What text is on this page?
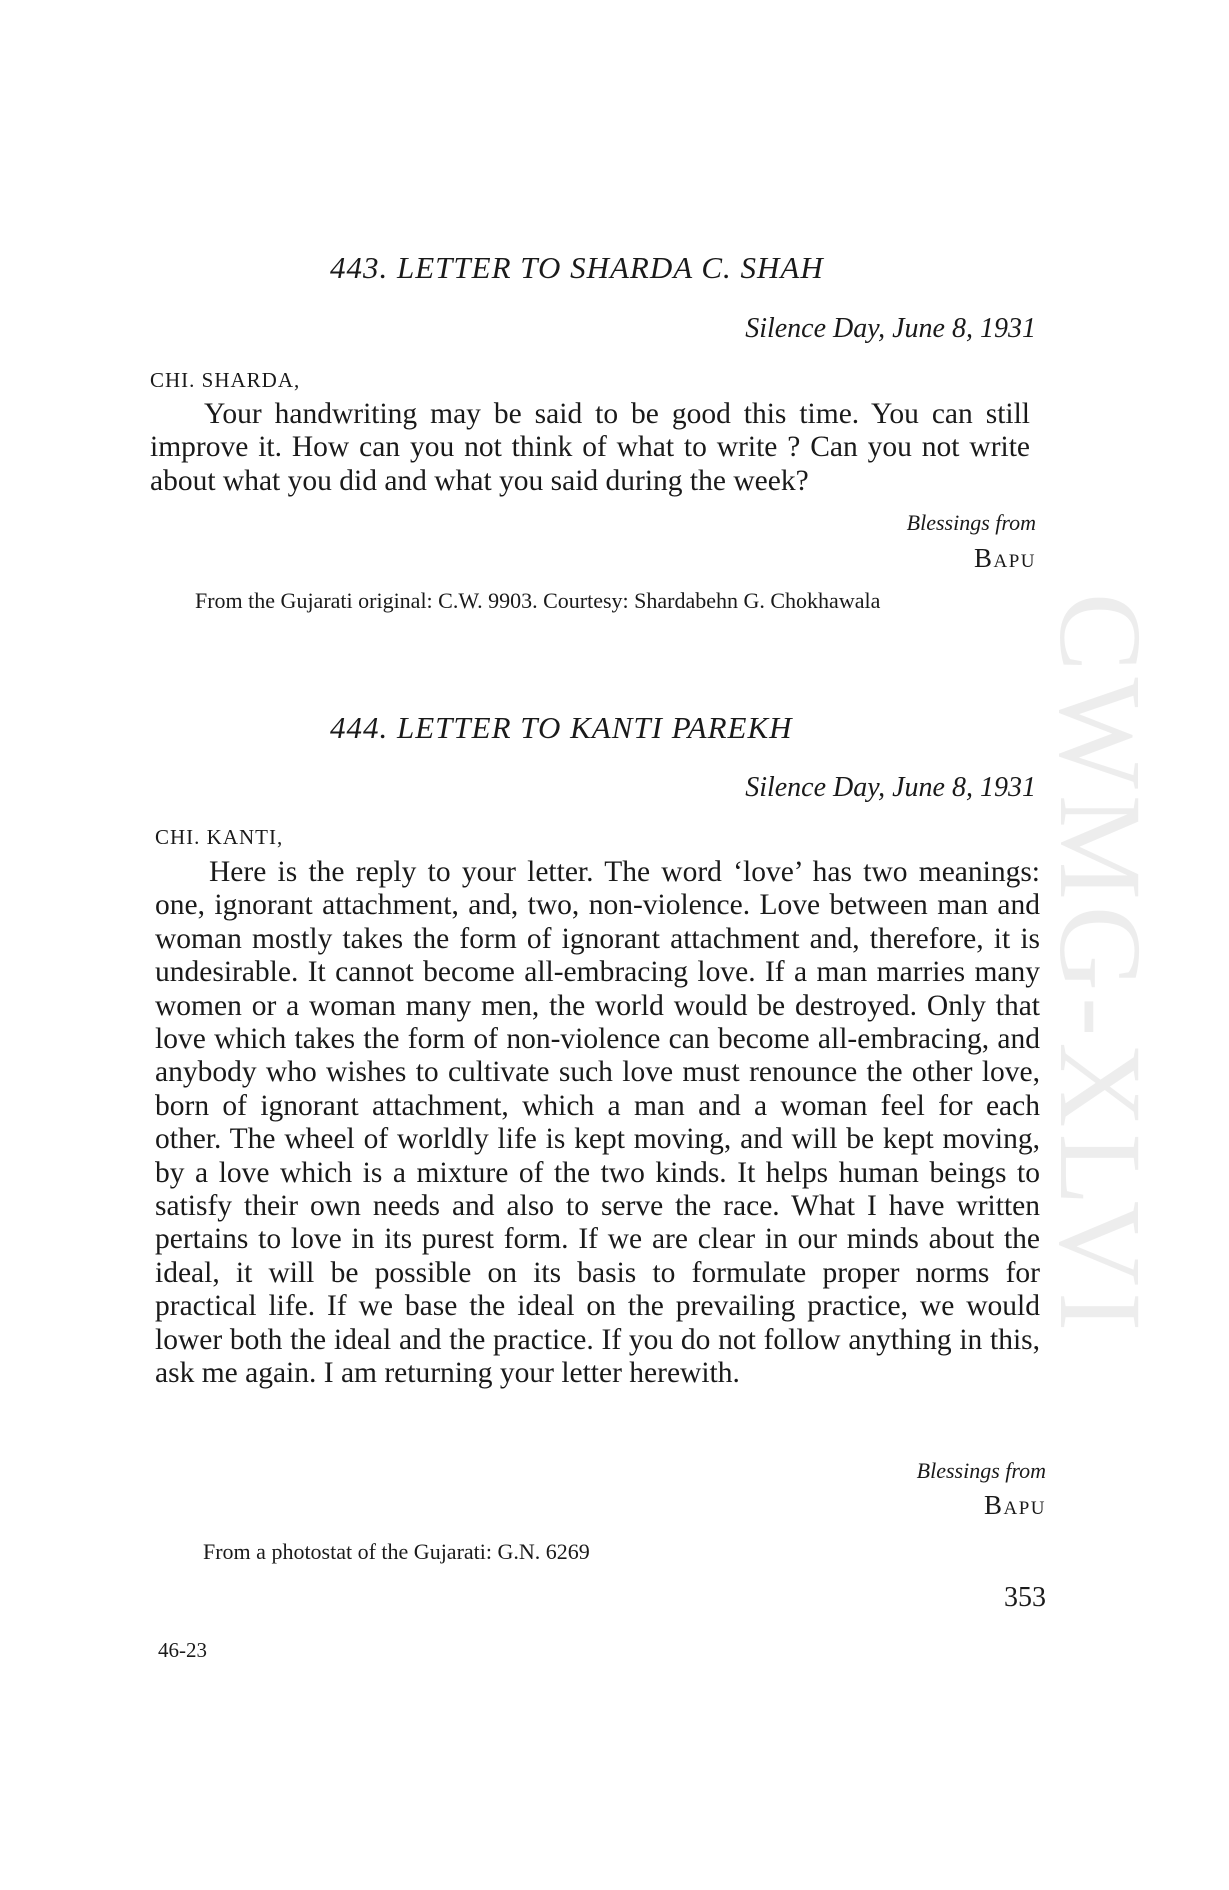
CWMG-XLVI
443. LETTER TO SHARDA C. SHAH
Silence Day, June 8, 1931
CHI. SHARDA,
Your handwriting may be said to be good this time. You can still improve it. How can you not think of what to write ? Can you not write about what you did and what you said during the week?
Blessings from
Bapu
From the Gujarati original: C.W. 9903. Courtesy: Shardabehn G. Chokhawala
444. LETTER TO KANTI PAREKH
Silence Day, June 8, 1931
CHI. KANTI,
Here is the reply to your letter. The word ‘love’ has two meanings: one, ignorant attachment, and, two, non-violence. Love between man and woman mostly takes the form of ignorant attachment and, therefore, it is undesirable. It cannot become all-embracing love. If a man marries many women or a woman many men, the world would be destroyed. Only that love which takes the form of non-violence can become all-embracing, and anybody who wishes to cultivate such love must renounce the other love, born of ignorant attachment, which a man and a woman feel for each other. The wheel of worldly life is kept moving, and will be kept moving, by a love which is a mixture of the two kinds. It helps human beings to satisfy their own needs and also to serve the race. What I have written pertains to love in its purest form. If we are clear in our minds about the ideal, it will be possible on its basis to formulate proper norms for practical life. If we base the ideal on the prevailing practice, we would lower both the ideal and the practice. If you do not follow anything in this, ask me again. I am returning your letter herewith.
Blessings from
Bapu
From a photostat of the Gujarati: G.N. 6269
353
46-23
